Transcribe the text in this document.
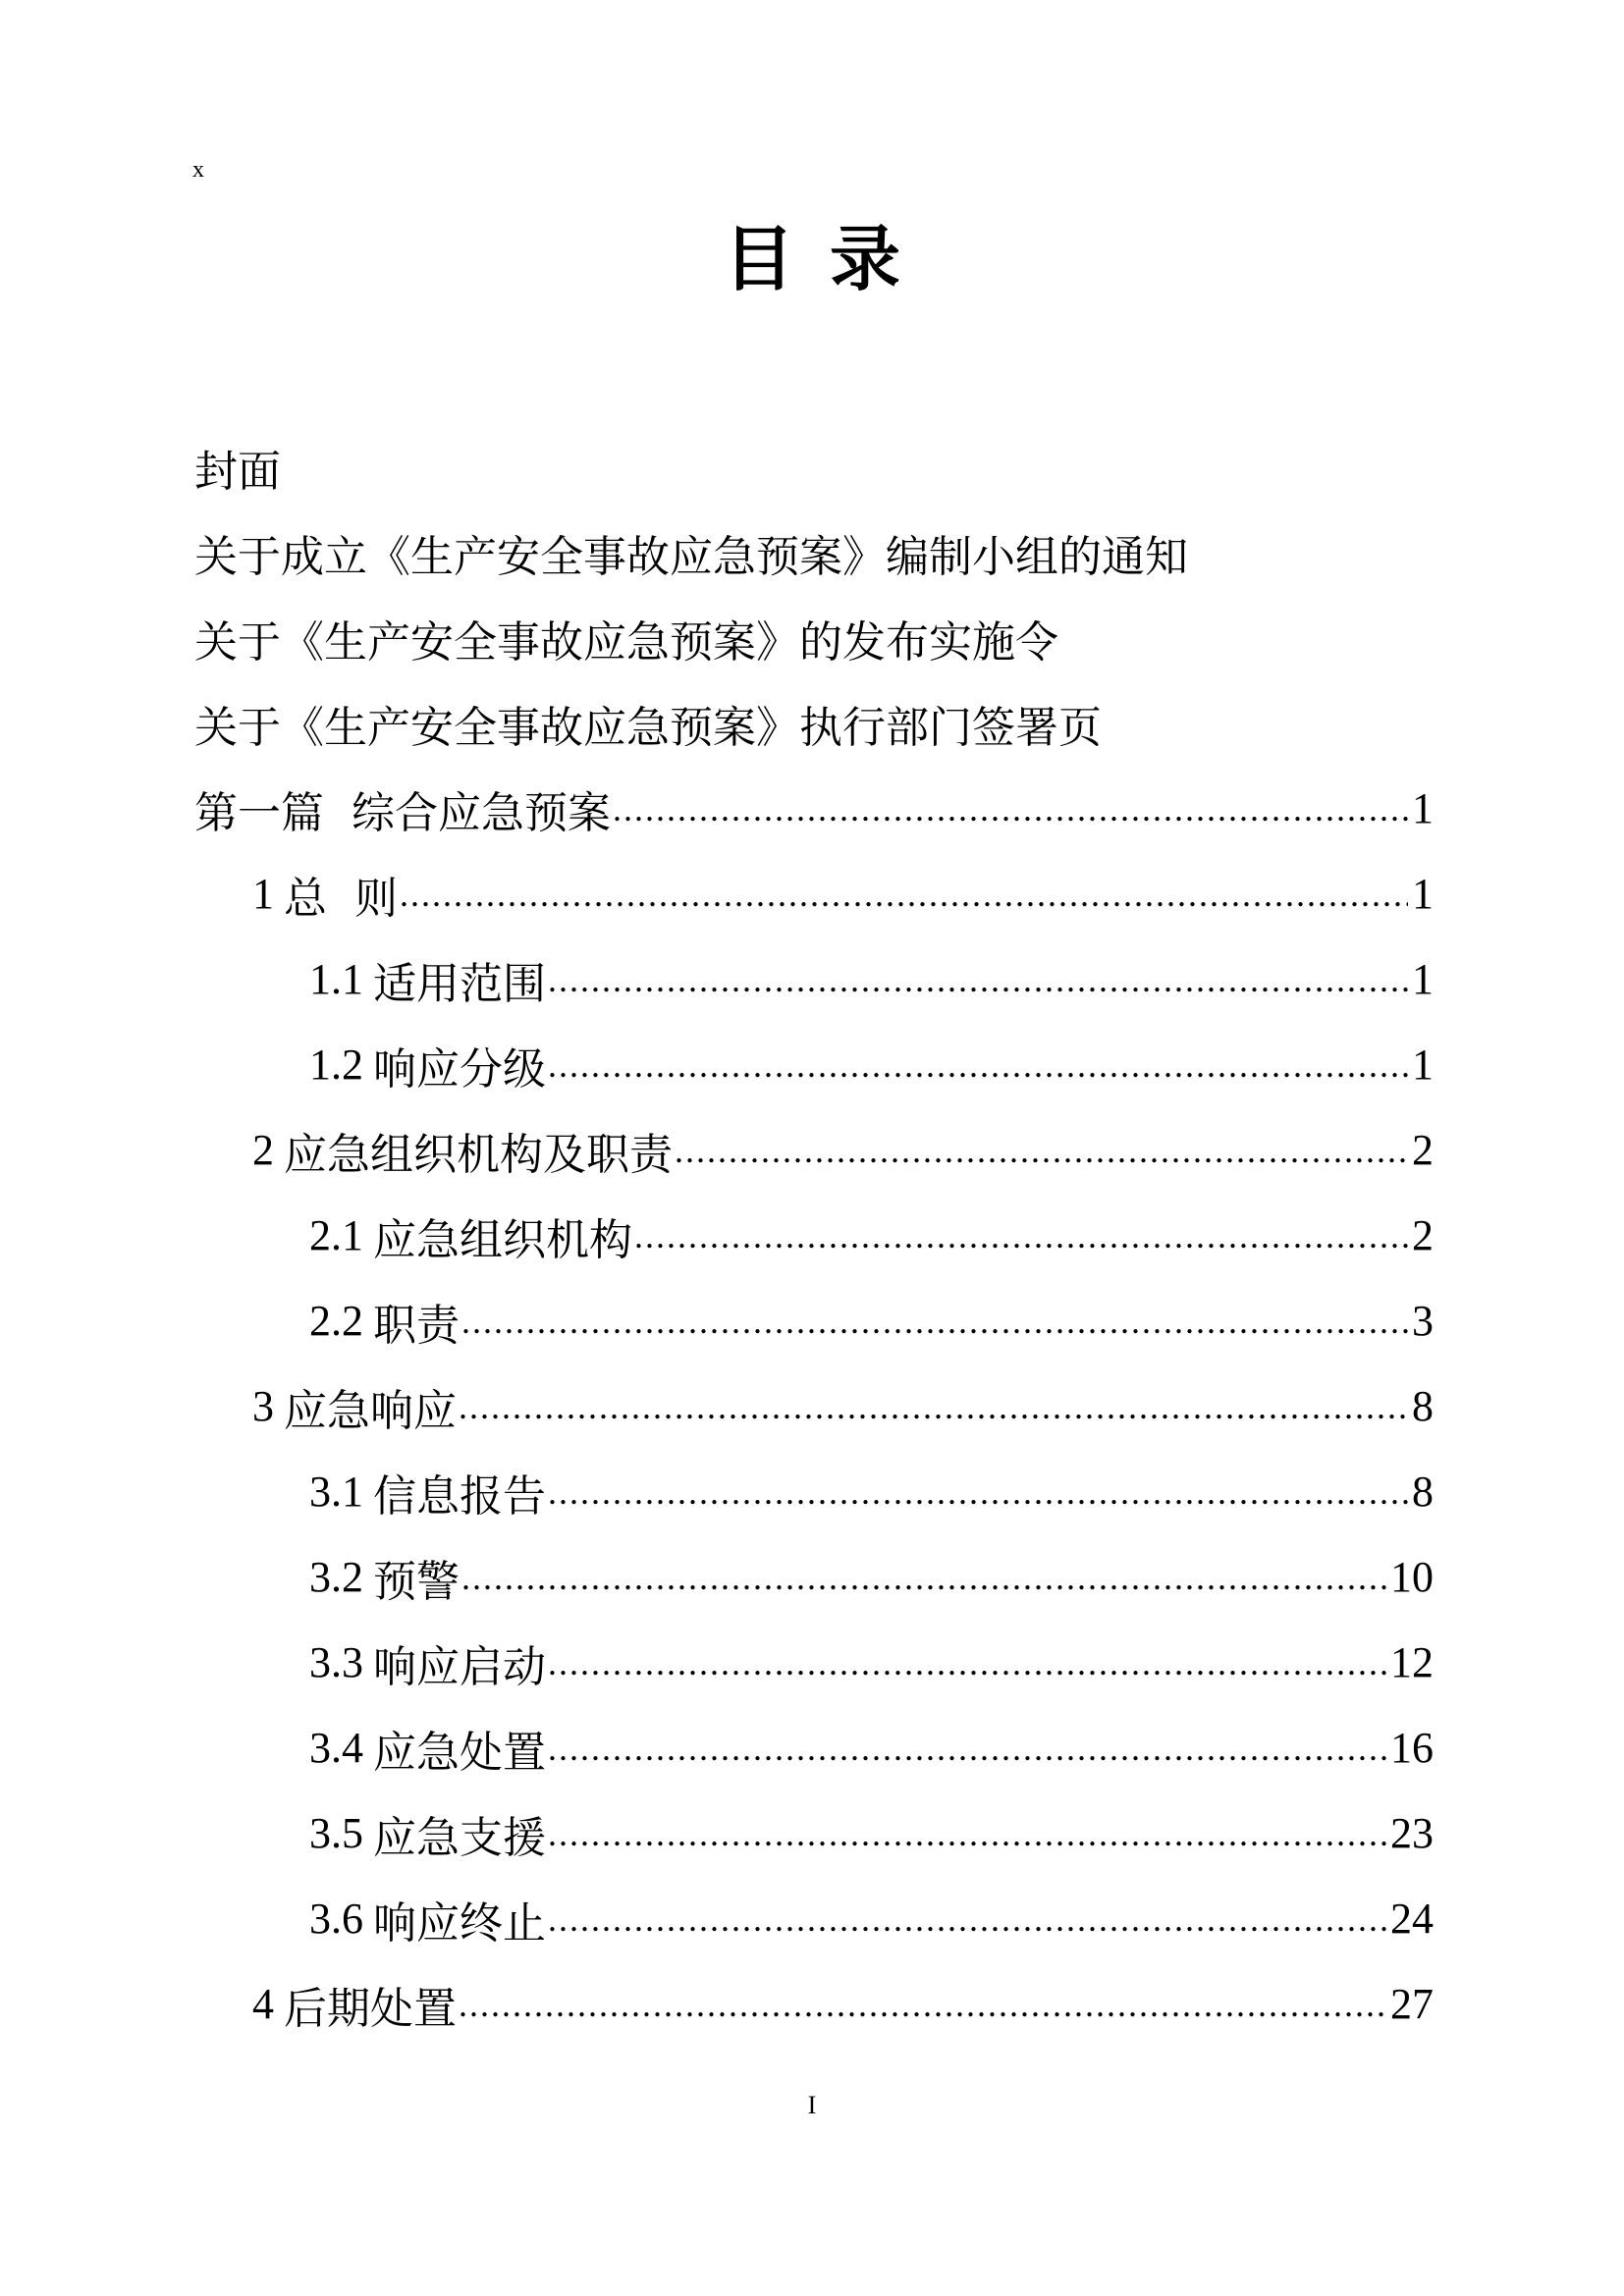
x
目录
封面
关于成立《生产安全事故应急预案》编制小组的通知
关于《生产安全事故应急预案》的发布实施令
关于《生产安全事故应急预案》执行部门签署页
第一篇  综合应急预案 .....	1
1 总  则 .....	1
1.1 适用范围 .....	1
1.2 响应分级 .....	1
2 应急组织机构及职责 .....	2
2.1 应急组织机构 .....	2
2.2 职责 .....	3
3 应急响应 .....	8
3.1 信息报告 .....	8
3.2 预警 .....	10
3.3 响应启动 .....	12
3.4 应急处置 .....	16
3.5 应急支援 .....	23
3.6 响应终止 .....	24
4 后期处置 .....	27
I
